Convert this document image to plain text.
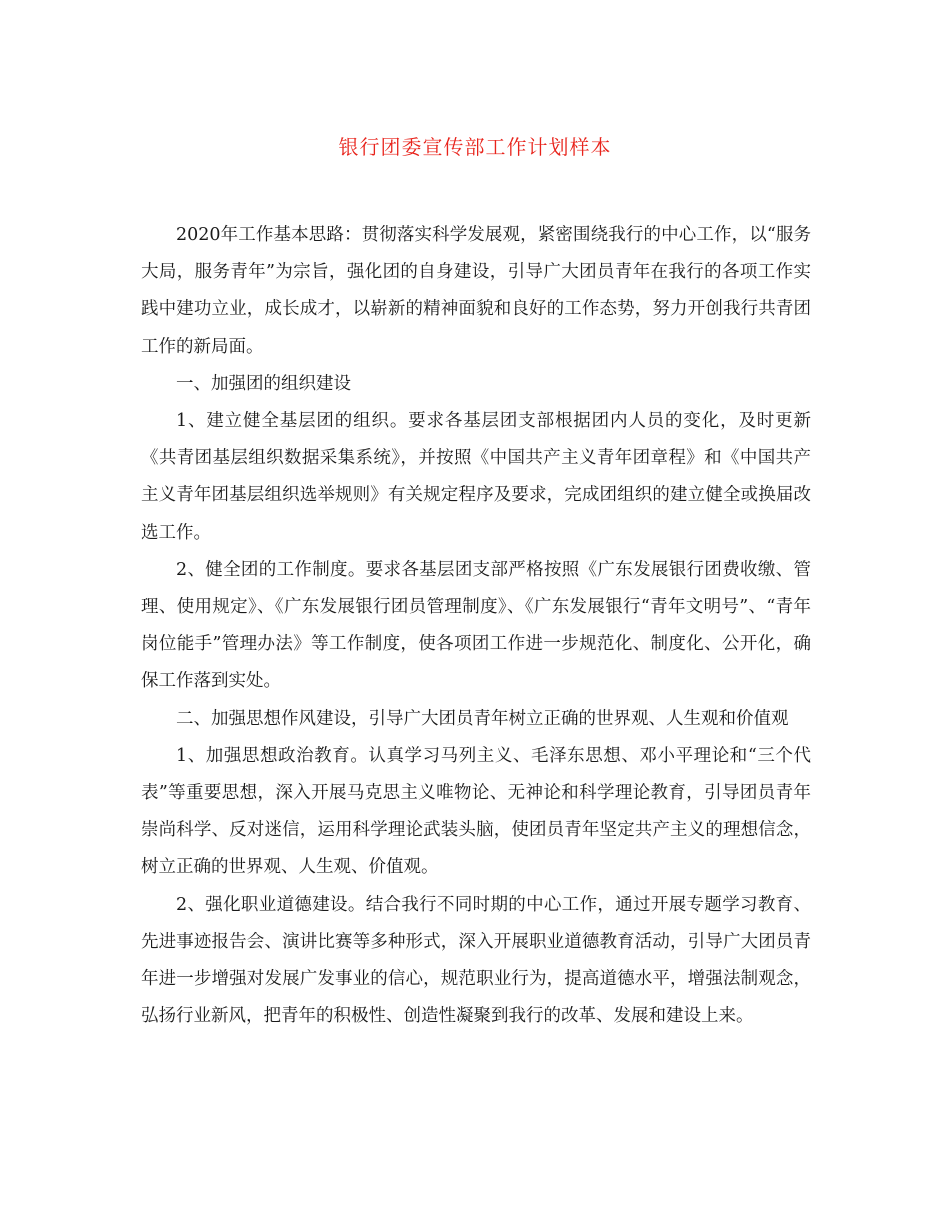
银行团委宣传部工作计划样本

2020年工作基本思路：贯彻落实科学发展观，紧密围绕我行的中心工作，以“服务大局，服务青年”为宗旨，强化团的自身建设，引导广大团员青年在我行的各项工作实践中建功立业，成长成才，以崭新的精神面貌和良好的工作态势，努力开创我行共青团工作的新局面。

一、加强团的组织建设

1、建立健全基层团的组织。要求各基层团支部根据团内人员的变化，及时更新《共青团基层组织数据采集系统》，并按照《中国共产主义青年团章程》和《中国共产主义青年团基层组织选举规则》有关规定程序及要求，完成团组织的建立健全或换届改选工作。

2、健全团的工作制度。要求各基层团支部严格按照《广东发展银行团费收缴、管理、使用规定》、《广东发展银行团员管理制度》、《广东发展银行“青年文明号”、“青年岗位能手”管理办法》等工作制度，使各项团工作进一步规范化、制度化、公开化，确保工作落到实处。

二、加强思想作风建设，引导广大团员青年树立正确的世界观、人生观和价值观

1、加强思想政治教育。认真学习马列主义、毛泽东思想、邓小平理论和“三个代表”等重要思想，深入开展马克思主义唯物论、无神论和科学理论教育，引导团员青年崇尚科学、反对迷信，运用科学理论武装头脑，使团员青年坚定共产主义的理想信念，树立正确的世界观、人生观、价值观。

2、强化职业道德建设。结合我行不同时期的中心工作，通过开展专题学习教育、先进事迹报告会、演讲比赛等多种形式，深入开展职业道德教育活动，引导广大团员青年进一步增强对发展广发事业的信心，规范职业行为，提高道德水平，增强法制观念，弘扬行业新风，把青年的积极性、创造性凝聚到我行的改革、发展和建设上来。
